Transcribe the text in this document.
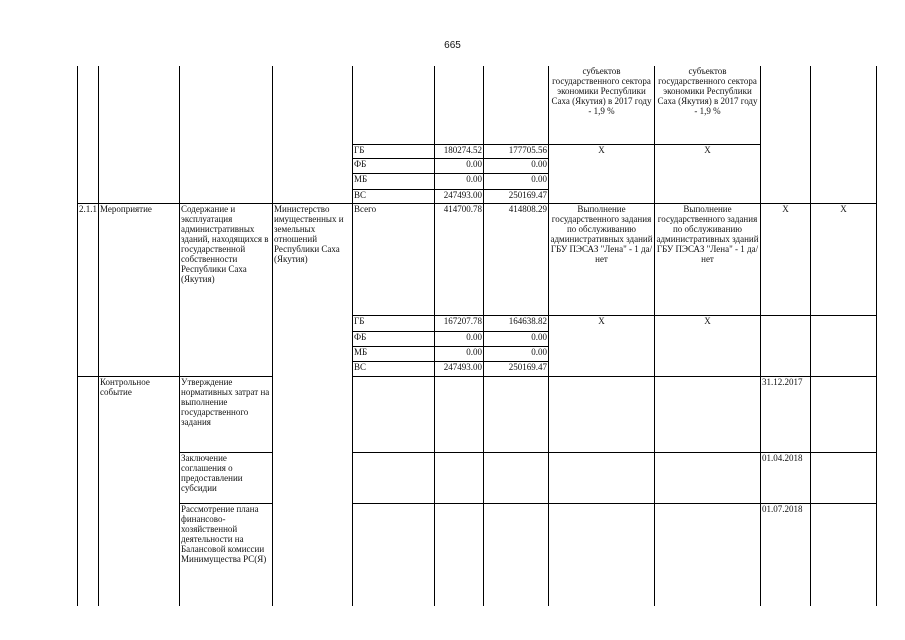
665
							субъектов государственного сектора экономики Республики Саха (Якутия) в 2017 году - 1,9 %	субъектов государственного сектора экономики Республики Саха (Якутия) в 2017 году - 1,9 %		
				ГБ	180274.52	177705.56	Х	Х		
				ФБ	0.00	0.00				
				МБ	0.00	0.00				
				ВС	247493.00	250169.47				
2.1.1	Мероприятие	Содержание и эксплуатация административных зданий, находящихся в государственной собственности Республики Саха (Якутия)	Министерство имущественных и земельных отношений Республики Саха (Якутия)	Всего	414700.78	414808.29	Выполнение государственного задания по обслуживанию административных зданий ГБУ ПЭСАЗ "Лена" - 1 да/нет	Выполнение государственного задания по обслуживанию административных зданий ГБУ ПЭСАЗ "Лена" - 1 да/нет	Х	Х
				ГБ	167207.78	164638.82	Х	Х		
				ФБ	0.00	0.00				
				МБ	0.00	0.00				
				ВС	247493.00	250169.47				
	Контрольное событие	Утверждение нормативных затрат на выполнение государственного задания							31.12.2017	
		Заключение соглашения о предоставлении субсидии							01.04.2018	
		Рассмотрение плана финансово-хозяйственной деятельности на Балансовой комиссии Минимущества РС(Я)							01.07.2018	
